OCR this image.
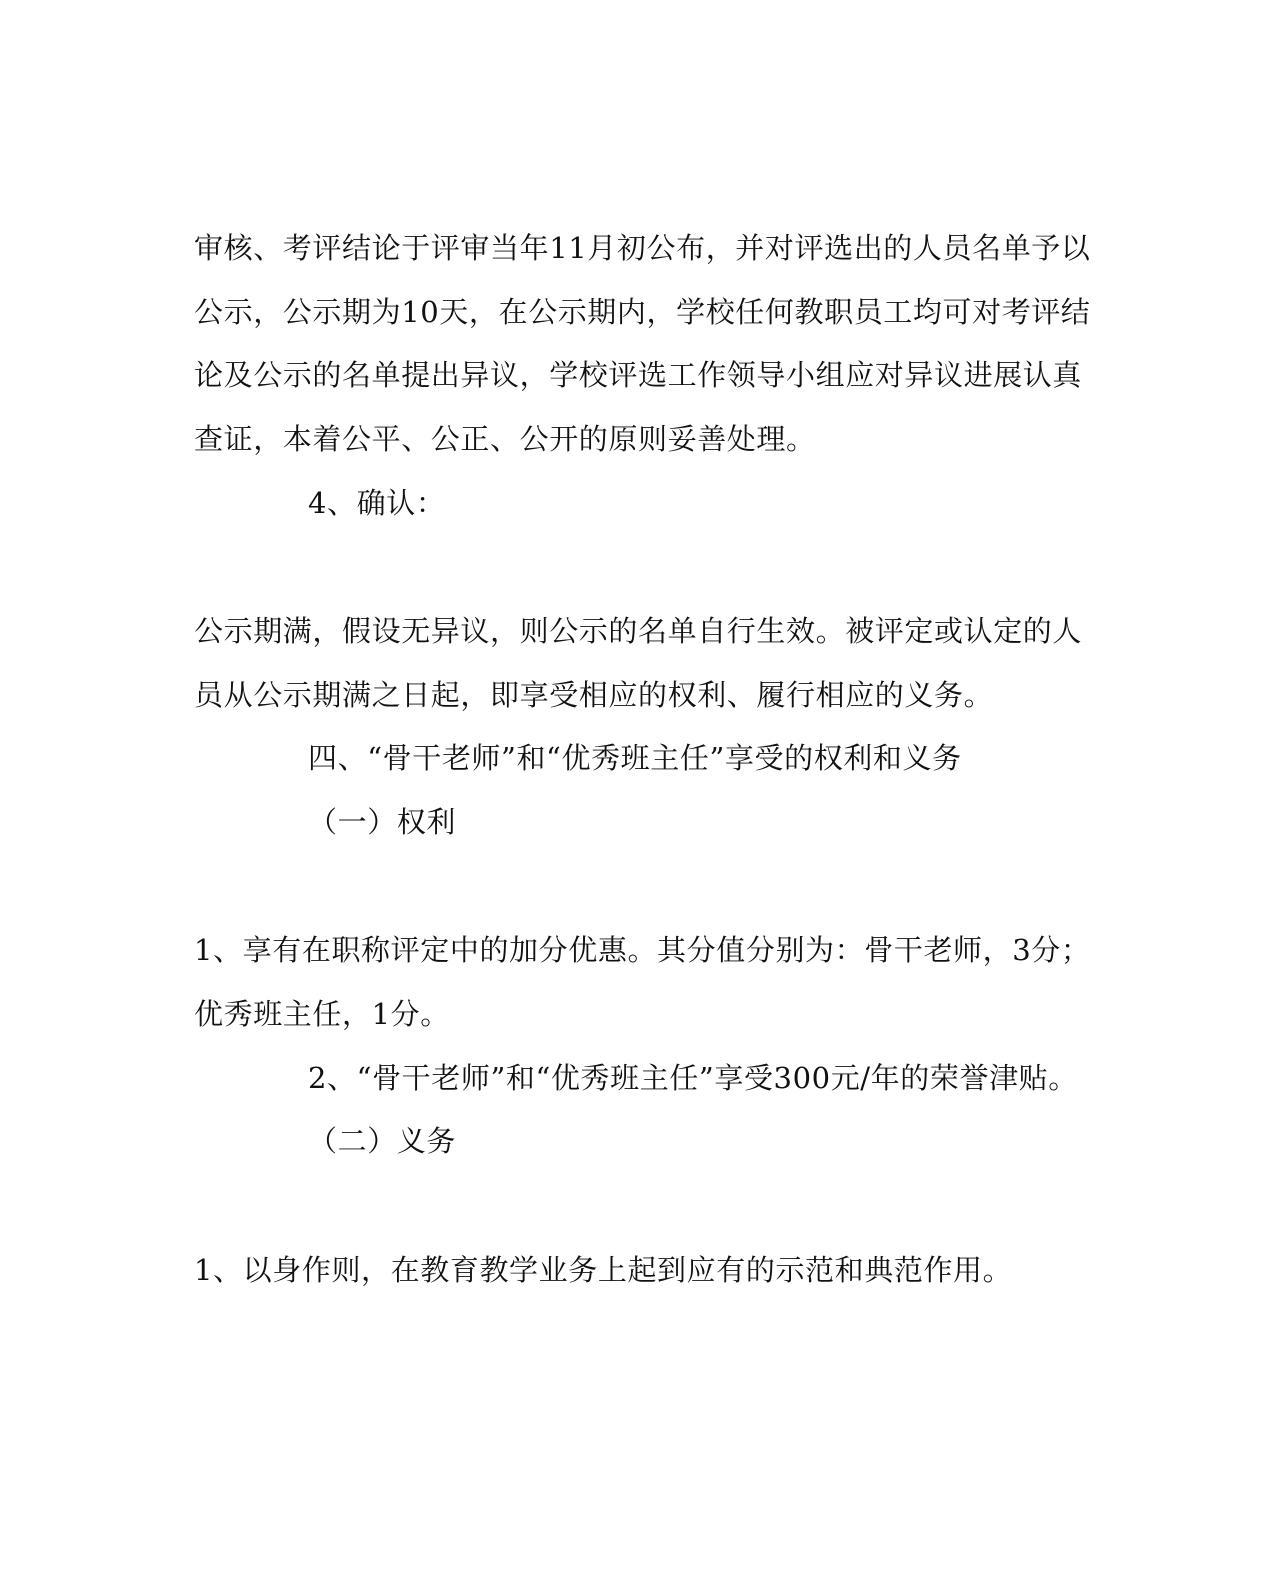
审核、考评结论于评审当年11月初公布，并对评选出的人员名单予以
公示，公示期为10天，在公示期内，学校任何教职员工均可对考评结
论及公示的名单提出异议，学校评选工作领导小组应对异议进展认真
查证，本着公平、公正、公开的原则妥善处理。
4、确认：
公示期满，假设无异议，则公示的名单自行生效。被评定或认定的人
员从公示期满之日起，即享受相应的权利、履行相应的义务。
四、“骨干老师”和“优秀班主任”享受的权利和义务
（一）权利
1、享有在职称评定中的加分优惠。其分值分别为：骨干老师，3分；
优秀班主任，1分。
2、“骨干老师”和“优秀班主任”享受300元/年的荣誉津贴。
（二）义务
1、以身作则，在教育教学业务上起到应有的示范和典范作用。
